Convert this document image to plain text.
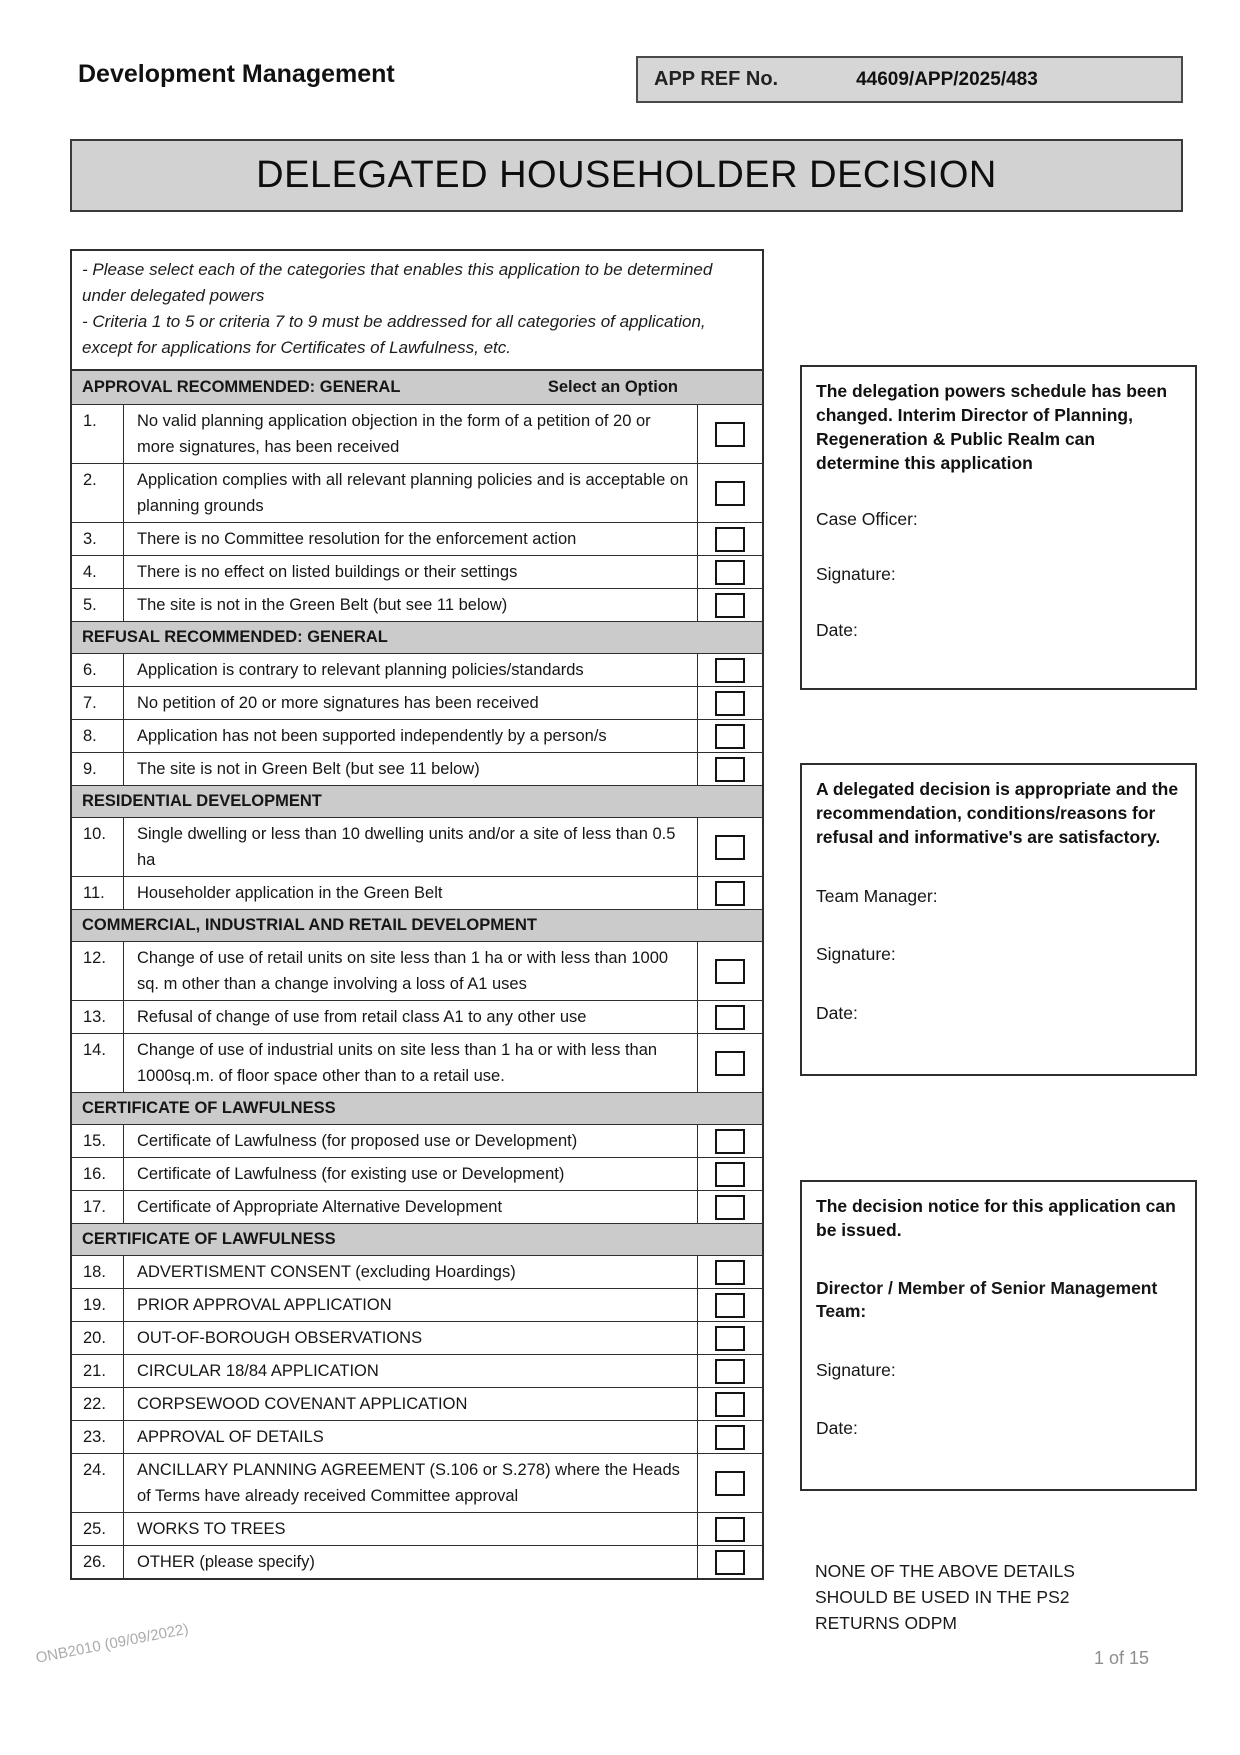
Development Management	APP REF No.	44609/APP/2025/483
DELEGATED HOUSEHOLDER DECISION

- Please select each of the categories that enables this application to be determined under delegated powers

- Criteria 1 to 5 or criteria 7 to 9 must be addressed for all categories of application, except for applications for Certificates of Lawfulness, etc.

APPROVAL RECOMMENDED: GENERAL	Select an Option
1.	No valid planning application objection in the form of a petition of 20 or more signatures, has been received
2.	Application complies with all relevant planning policies and is acceptable on planning grounds
3.	There is no Committee resolution for the enforcement action
4.	There is no effect on listed buildings or their settings
5.	The site is not in the Green Belt (but see 11 below)
REFUSAL RECOMMENDED: GENERAL
6.	Application is contrary to relevant planning policies/standards
7.	No petition of 20 or more signatures has been received
8.	Application has not been supported independently by a person/s
9.	The site is not in Green Belt (but see 11 below)
RESIDENTIAL DEVELOPMENT
10.	Single dwelling or less than 10 dwelling units and/or a site of less than 0.5 ha
11.	Householder application in the Green Belt
COMMERCIAL, INDUSTRIAL AND RETAIL DEVELOPMENT
12.	Change of use of retail units on site less than 1 ha or with less than 1000 sq. m other than a change involving a loss of A1 uses
13.	Refusal of change of use from retail class A1 to any other use
14.	Change of use of industrial units on site less than 1 ha or with less than 1000sq.m. of floor space other than to a retail use.
CERTIFICATE OF LAWFULNESS
15.	Certificate of Lawfulness (for proposed use or Development)
16.	Certificate of Lawfulness (for existing use or Development)
17.	Certificate of Appropriate Alternative Development
CERTIFICATE OF LAWFULNESS
18.	ADVERTISMENT CONSENT (excluding Hoardings)
19.	PRIOR APPROVAL APPLICATION
20.	OUT-OF-BOROUGH OBSERVATIONS
21.	CIRCULAR 18/84 APPLICATION
22.	CORPSEWOOD COVENANT APPLICATION
23.	APPROVAL OF DETAILS
24.	ANCILLARY PLANNING AGREEMENT (S.106 or S.278) where the Heads of Terms have already received Committee approval
25.	WORKS TO TREES
26.	OTHER (please specify)

The delegation powers schedule has been changed. Interim Director of Planning, Regeneration & Public Realm can determine this application

Case Officer:
Signature:
Date:

A delegated decision is appropriate and the recommendation, conditions/reasons for refusal and informative's are satisfactory.

Team Manager:
Signature:
Date:

The decision notice for this application can be issued.

Director / Member of Senior Management Team:
Signature:
Date:
NONE OF THE ABOVE DETAILS SHOULD BE USED IN THE PS2 RETURNS ODPM
ONB2010 (09/09/2022)	1 of 15
